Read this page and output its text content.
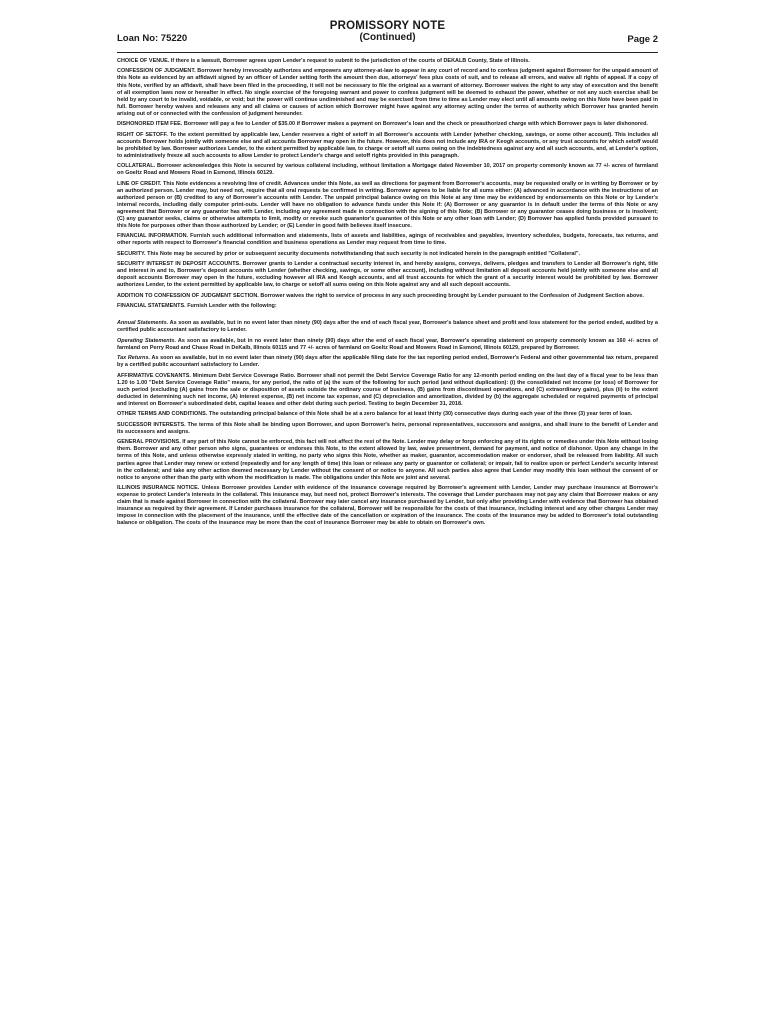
Loan No: 75220
PROMISSORY NOTE
(Continued)	Page 2

CHOICE OF VENUE. If there is a lawsuit, Borrower agrees upon Lender's request to submit to the jurisdiction of the courts of DEKALB County, State of Illinois.

CONFESSION OF JUDGMENT. Borrower hereby irrevocably authorizes and empowers any attorney-at-law to appear in any court of record and to confess judgment against Borrower for the unpaid amount of this Note as evidenced by an affidavit signed by an officer of Lender setting forth the amount then due, attorneys' fees plus costs of suit, and to release all errors, and waive all rights of appeal. If a copy of this Note, verified by an affidavit, shall have been filed in the proceeding, it will not be necessary to file the original as a warrant of attorney. Borrower waives the right to any stay of execution and the benefit of all exemption laws now or hereafter in effect. No single exercise of the foregoing warrant and power to confess judgment will be deemed to exhaust the power, whether or not any such exercise shall be held by any court to be invalid, voidable, or void; but the power will continue undiminished and may be exercised from time to time as Lender may elect until all amounts owing on this Note have been paid in full. Borrower hereby waives and releases any and all claims or causes of action which Borrower might have against any attorney acting under the terms of authority which Borrower has granted herein arising out of or connected with the confession of judgment hereunder.

DISHONORED ITEM FEE. Borrower will pay a fee to Lender of $35.00 if Borrower makes a payment on Borrower's loan and the check or preauthorized charge with which Borrower pays is later dishonored.

RIGHT OF SETOFF. To the extent permitted by applicable law, Lender reserves a right of setoff in all Borrower's accounts with Lender (whether checking, savings, or some other account). This includes all accounts Borrower holds jointly with someone else and all accounts Borrower may open in the future. However, this does not include any IRA or Keogh accounts, or any trust accounts for which setoff would be prohibited by law. Borrower authorizes Lender, to the extent permitted by applicable law, to charge or setoff all sums owing on the indebtedness against any and all such accounts, and, at Lender's option, to administratively freeze all such accounts to allow Lender to protect Lender's charge and setoff rights provided in this paragraph.

COLLATERAL. Borrower acknowledges this Note is secured by various collateral including, without limitation a Mortgage dated November 10, 2017 on property commonly known as 77 +/- acres of farmland on Goeltz Road and Mowers Road in Esmond, Illinois 60129.

LINE OF CREDIT. This Note evidences a revolving line of credit. Advances under this Note, as well as directions for payment from Borrower's accounts, may be requested orally or in writing by Borrower or by an authorized person. Lender may, but need not, require that all oral requests be confirmed in writing. Borrower agrees to be liable for all sums either: (A) advanced in accordance with the instructions of an authorized person or (B) credited to any of Borrower's accounts with Lender. The unpaid principal balance owing on this Note at any time may be evidenced by endorsements on this Note or by Lender's internal records, including daily computer print-outs. Lender will have no obligation to advance funds under this Note if: (A) Borrower or any guarantor is in default under the terms of this Note or any agreement that Borrower or any guarantor has with Lender, including any agreement made in connection with the signing of this Note; (B) Borrower or any guarantor ceases doing business or is insolvent; (C) any guarantor seeks, claims or otherwise attempts to limit, modify or revoke such guarantor's guarantee of this Note or any other loan with Lender; (D) Borrower has applied funds provided pursuant to this Note for purposes other than those authorized by Lender; or (E) Lender in good faith believes itself insecure.

FINANCIAL INFORMATION. Furnish such additional information and statements, lists of assets and liabilities, agings of receivables and payables, inventory schedules, budgets, forecasts, tax returns, and other reports with respect to Borrower's financial condition and business operations as Lender may request from time to time.

SECURITY. This Note may be secured by prior or subsequent security documents notwithstanding that such security is not indicated herein in the paragraph entitled "Collateral".

SECURITY INTEREST IN DEPOSIT ACCOUNTS. Borrower grants to Lender a contractual security interest in, and hereby assigns, conveys, delivers, pledges and transfers to Lender all Borrower's right, title and interest in and to, Borrower's deposit accounts with Lender (whether checking, savings, or some other account), including without limitation all deposit accounts held jointly with someone else and all deposit accounts Borrower may open in the future, excluding however all IRA and Keogh accounts, and all trust accounts for which the grant of a security interest would be prohibited by law. Borrower authorizes Lender, to the extent permitted by applicable law, to charge or setoff all sums owing on this Note against any and all such deposit accounts.

ADDITION TO CONFESSION OF JUDGMENT SECTION. Borrower waives the right to service of process in any such proceeding brought by Lender pursuant to the Confession of Judgment Section above.

FINANCIAL STATEMENTS. Furnish Lender with the following:

Annual Statements. As soon as available, but in no event later than ninety (90) days after the end of each fiscal year, Borrower's balance sheet and profit and loss statement for the period ended, audited by a certified public accountant satisfactory to Lender.

Operating Statements. As soon as available, but in no event later than ninety (90) days after the end of each fiscal year, Borrower's operating statement on property commonly known as 160 +/- acres of farmland on Perry Road and Chase Road in DeKalb, Illinois 60115 and 77 +/- acres of farmland on Goeltz Road and Mowers Road in Esmond, Illinois 60129, prepared by Borrower.

Tax Returns. As soon as available, but in no event later than ninety (90) days after the applicable filing date for the tax reporting period ended, Borrower's Federal and other governmental tax return, prepared by a certified public accountant satisfactory to Lender.

AFFIRMATIVE COVENANTS. Minimum Debt Service Coverage Ratio. Borrower shall not permit the Debt Service Coverage Ratio for any 12-month period ending on the last day of a fiscal year to be less than 1.20 to 1.00 "Debt Service Coverage Ratio" means, for any period, the ratio of (a) the sum of the following for such period (and without duplication): (i) the consolidated net income (or loss) of Borrower for such period (excluding (A) gains from the sale or disposition of assets outside the ordinary course of business, (B) gains from discontinued operations, and (C) extraordinary gains), plus (ii) to the extent deducted in determining such net income, (A) interest expense, (B) net income tax expense, and (C) depreciation and amortization, divided by (b) the aggregate scheduled or required payments of principal and interest on Borrower's subordinated debt, capital leases and other debt during such period. Testing to begin December 31, 2018.

OTHER TERMS AND CONDITIONS. The outstanding principal balance of this Note shall be at a zero balance for at least thirty (30) consecutive days during each year of the three (3) year term of loan.

SUCCESSOR INTERESTS. The terms of this Note shall be binding upon Borrower, and upon Borrower's heirs, personal representatives, successors and assigns, and shall inure to the benefit of Lender and its successors and assigns.

GENERAL PROVISIONS. If any part of this Note cannot be enforced, this fact will not affect the rest of the Note. Lender may delay or forgo enforcing any of its rights or remedies under this Note without losing them. Borrower and any other person who signs, guarantees or endorses this Note, to the extent allowed by law, waive presentment, demand for payment, and notice of dishonor. Upon any change in the terms of this Note, and unless otherwise expressly stated in writing, no party who signs this Note, whether as maker, guarantor, accommodation maker or endorser, shall be released from liability. All such parties agree that Lender may renew or extend (repeatedly and for any length of time) this loan or release any party or guarantor or collateral; or impair, fail to realize upon or perfect Lender's security interest in the collateral; and take any other action deemed necessary by Lender without the consent of or notice to anyone. All such parties also agree that Lender may modify this loan without the consent of or notice to anyone other than the party with whom the modification is made. The obligations under this Note are joint and several.

ILLINOIS INSURANCE NOTICE. Unless Borrower provides Lender with evidence of the insurance coverage required by Borrower's agreement with Lender, Lender may purchase insurance at Borrower's expense to protect Lender's interests in the collateral. This insurance may, but need not, protect Borrower's interests. The coverage that Lender purchases may not pay any claim that Borrower makes or any claim that is made against Borrower in connection with the collateral. Borrower may later cancel any insurance purchased by Lender, but only after providing Lender with evidence that Borrower has obtained insurance as required by their agreement. If Lender purchases insurance for the collateral, Borrower will be responsible for the costs of that insurance, including interest and any other charges Lender may impose in connection with the placement of the insurance, until the effective date of the cancellation or expiration of the insurance. The costs of the insurance may be added to Borrower's total outstanding balance or obligation. The costs of the insurance may be more than the cost of insurance Borrower may be able to obtain on Borrower's own.
